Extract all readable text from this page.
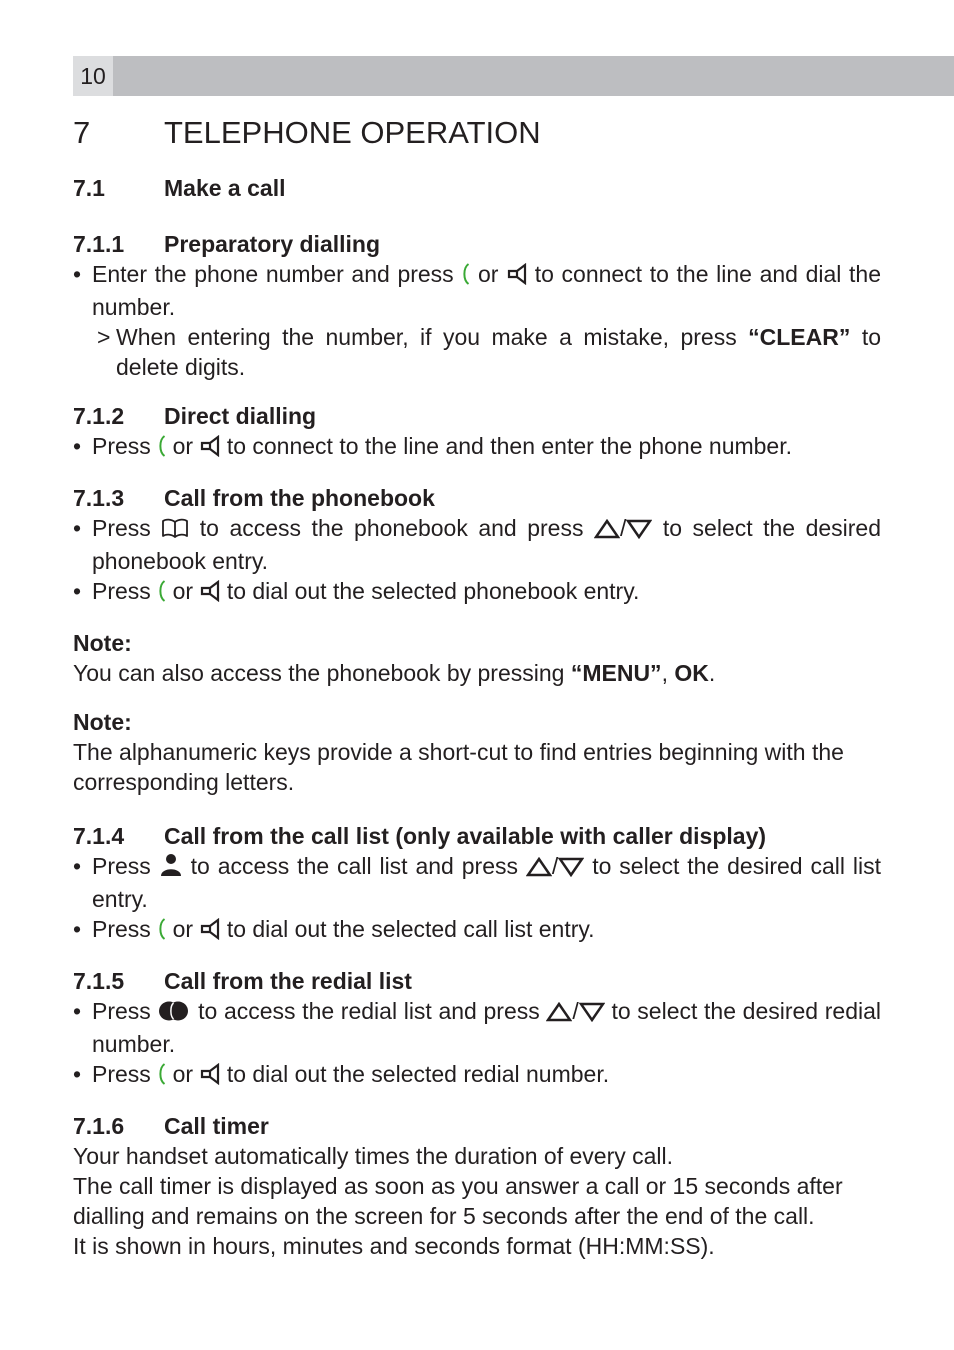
10
7 TELEPHONE OPERATION
7.1	Make a call
7.1.1 Preparatory dialling
• Enter the phone number and press or to connect to the line and dial the number.
> When entering the number, if you make a mistake, press “CLEAR” to delete digits.
7.1.2 Direct dialling
• Press or to connect to the line and then enter the phone number.
7.1.3 Call from the phonebook
• Press to access the phonebook and press / to select the desired phonebook entry.
• Press or to dial out the selected phonebook entry.

Note:

You can also access the phonebook by pressing “MENU”, OK.

Note:

The alphanumeric keys provide a short-cut to find entries beginning with the corresponding letters.

7.1.4 Call from the call list (only available with caller display)
• Press to access the call list and press / to select the desired call list entry.
• Press or to dial out the selected call list entry.
7.1.5 Call from the redial list
• Press to access the redial list and press / to select the desired redial number.
• Press or to dial out the selected redial number.
7.1.6 Call timer

Your handset automatically times the duration of every call.

The call timer is displayed as soon as you answer a call or 15 seconds after dialling and remains on the screen for 5 seconds after the end of the call.

It is shown in hours, minutes and seconds format (HH:MM:SS).
